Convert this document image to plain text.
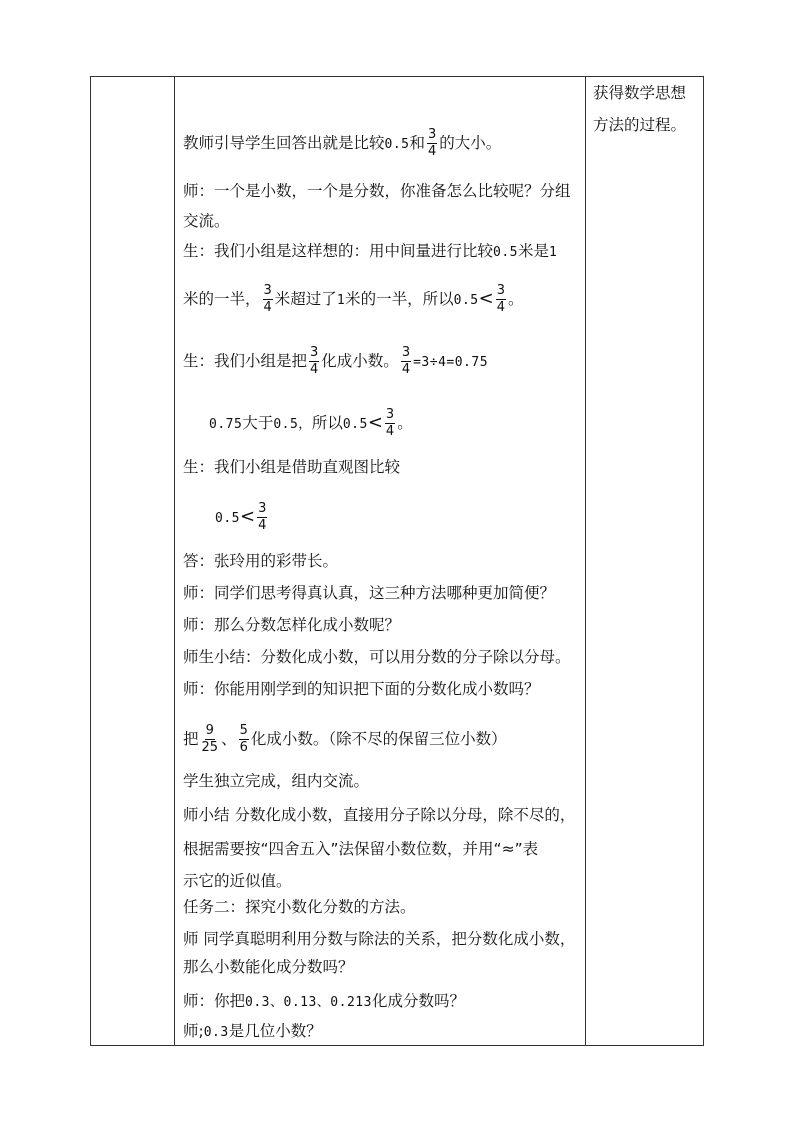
获得数学思想
方法的过程。
教师引导学生回答出就是比较0.5和 $\frac{3}{4}$ 的大小。
师：一个是小数，一个是分数，你准备怎么比较呢？分组
交流。
生：我们小组是这样想的：用中间量进行比较0.5米是1
米的一半， $\frac{3}{4}$ 米超过了1米的一半，所以$0.5< \frac{3}{4}$ 。
生：我们小组是把 $\frac{3}{4}$ 化成小数。 $\frac{3}{4} =3\div 4=0.75$
0.75大于0.5，所以$0.5< \frac{3}{4}$ 。
生：我们小组是借助直观图比较
$0.5< \frac{3}{4}$
答：张玲用的彩带长。
师：同学们思考得真认真，这三种方法哪种更加简便？
师：那么分数怎样化成小数呢？
师生小结：分数化成小数，可以用分数的分子除以分母。
师：你能用刚学到的知识把下面的分数化成小数吗？
把 $\frac{9}{25}$ 、 $\frac{5}{6}$ 化成小数。（除不尽的保留三位小数）
学生独立完成，组内交流。
师小结 分数化成小数，直接用分子除以分母，除不尽的，
根据需要按“四舍五入”法保留小数位数，并用“≈”表
示它的近似值。
任务二：探究小数化分数的方法。
师 同学真聪明利用分数与除法的关系，把分数化成小数，
那么小数能化成分数吗？
师：你把0.3、0.13、0.213化成分数吗？
师;0.3是几位小数？
